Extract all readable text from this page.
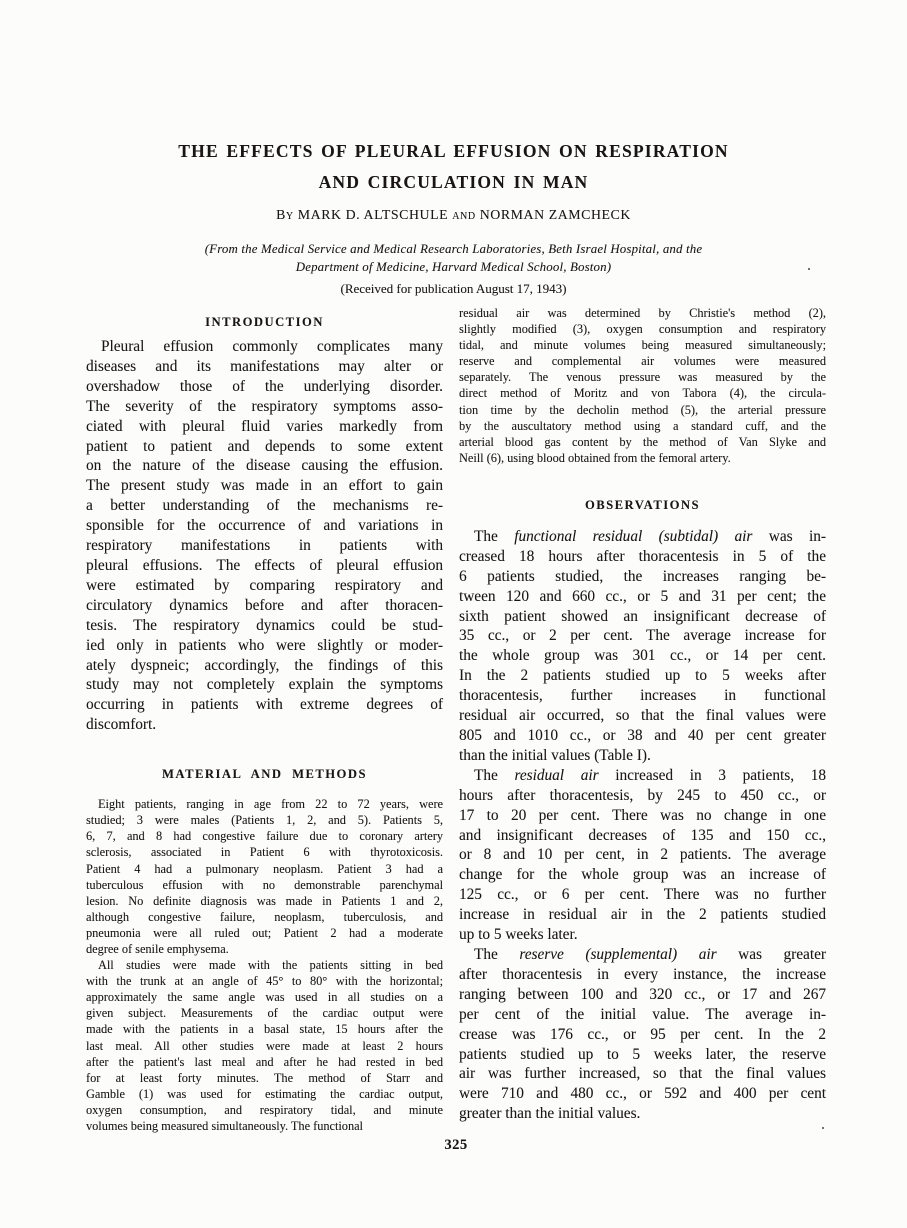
THE EFFECTS OF PLEURAL EFFUSION ON RESPIRATION
AND CIRCULATION IN MAN
By MARK D. ALTSCHULE and NORMAN ZAMCHECK
(From the Medical Service and Medical Research Laboratories, Beth Israel Hospital, and the
Department of Medicine, Harvard Medical School, Boston)
(Received for publication August 17, 1943)
INTRODUCTION
Pleural effusion commonly complicates many
diseases and its manifestations may alter or
overshadow those of the underlying disorder.
The severity of the respiratory symptoms asso-
ciated with pleural fluid varies markedly from
patient to patient and depends to some extent
on the nature of the disease causing the effusion.
The present study was made in an effort to gain
a better understanding of the mechanisms re-
sponsible for the occurrence of and variations in
respiratory manifestations in patients with
pleural effusions. The effects of pleural effusion
were estimated by comparing respiratory and
circulatory dynamics before and after thoracen-
tesis. The respiratory dynamics could be stud-
ied only in patients who were slightly or moder-
ately dyspneic; accordingly, the findings of this
study may not completely explain the symptoms
occurring in patients with extreme degrees of
discomfort.
MATERIAL AND METHODS
Eight patients, ranging in age from 22 to 72 years, were
studied; 3 were males (Patients 1, 2, and 5). Patients 5,
6, 7, and 8 had congestive failure due to coronary artery
sclerosis, associated in Patient 6 with thyrotoxicosis.
Patient 4 had a pulmonary neoplasm. Patient 3 had a
tuberculous effusion with no demonstrable parenchymal
lesion. No definite diagnosis was made in Patients 1 and 2,
although congestive failure, neoplasm, tuberculosis, and
pneumonia were all ruled out; Patient 2 had a moderate
degree of senile emphysema.
All studies were made with the patients sitting in bed
with the trunk at an angle of 45° to 80° with the horizontal;
approximately the same angle was used in all studies on a
given subject. Measurements of the cardiac output were
made with the patients in a basal state, 15 hours after the
last meal. All other studies were made at least 2 hours
after the patient's last meal and after he had rested in bed
for at least forty minutes. The method of Starr and
Gamble (1) was used for estimating the cardiac output,
oxygen consumption, and respiratory tidal, and minute
volumes being measured simultaneously. The functional
residual air was determined by Christie's method (2),
slightly modified (3), oxygen consumption and respiratory
tidal, and minute volumes being measured simultaneously;
reserve and complemental air volumes were measured
separately. The venous pressure was measured by the
direct method of Moritz and von Tabora (4), the circula-
tion time by the decholin method (5), the arterial pressure
by the auscultatory method using a standard cuff, and the
arterial blood gas content by the method of Van Slyke and
Neill (6), using blood obtained from the femoral artery.
OBSERVATIONS
The functional residual (subtidal) air was in-
creased 18 hours after thoracentesis in 5 of the
6 patients studied, the increases ranging be-
tween 120 and 660 cc., or 5 and 31 per cent; the
sixth patient showed an insignificant decrease of
35 cc., or 2 per cent. The average increase for
the whole group was 301 cc., or 14 per cent.
In the 2 patients studied up to 5 weeks after
thoracentesis, further increases in functional
residual air occurred, so that the final values were
805 and 1010 cc., or 38 and 40 per cent greater
than the initial values (Table I).
The residual air increased in 3 patients, 18
hours after thoracentesis, by 245 to 450 cc., or
17 to 20 per cent. There was no change in one
and insignificant decreases of 135 and 150 cc.,
or 8 and 10 per cent, in 2 patients. The average
change for the whole group was an increase of
125 cc., or 6 per cent. There was no further
increase in residual air in the 2 patients studied
up to 5 weeks later.
The reserve (supplemental) air was greater
after thoracentesis in every instance, the increase
ranging between 100 and 320 cc., or 17 and 267
per cent of the initial value. The average in-
crease was 176 cc., or 95 per cent. In the 2
patients studied up to 5 weeks later, the reserve
air was further increased, so that the final values
were 710 and 480 cc., or 592 and 400 per cent
greater than the initial values.
325
